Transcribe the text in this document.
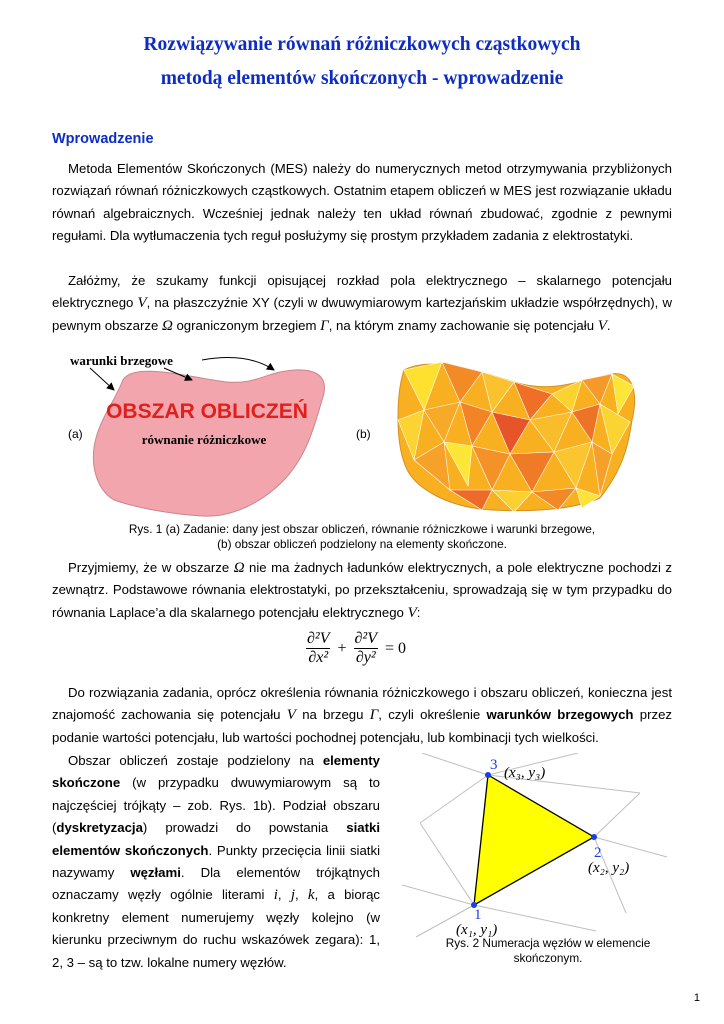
Rozwiązywanie równań różniczkowych cząstkowych
metodą elementów skończonych - wprowadzenie
Wprowadzenie

Metoda Elementów Skończonych (MES) należy do numerycznych metod otrzymywania przybliżonych rozwiązań równań różniczkowych cząstkowych. Ostatnim etapem obliczeń w MES jest rozwiązanie układu równań algebraicznych. Wcześniej jednak należy ten układ równań zbudować, zgodnie z pewnymi regułami. Dla wytłumaczenia tych reguł posłużymy się prostym przykładem zadania z elektrostatyki.

Załóżmy, że szukamy funkcji opisującej rozkład pola elektrycznego – skalarnego potencjału elektrycznego V, na płaszczyźnie XY (czyli w dwuwymiarowym kartezjańskim układzie współrzędnych), w pewnym obszarze Ω ograniczonym brzegiem Γ, na którym znamy zachowanie się potencjału V.

warunki brzegowe
OBSZAR OBLICZEŃ
równanie różniczkowe
(a)	(b)
Rys. 1 (a) Zadanie: dany jest obszar obliczeń, równanie różniczkowe i warunki brzegowe,
(b) obszar obliczeń podzielony na elementy skończone.

Przyjmiemy, że w obszarze Ω nie ma żadnych ładunków elektrycznych, a pole elektryczne pochodzi z zewnątrz. Podstawowe równania elektrostatyki, po przekształceniu, sprowadzają się w tym przypadku do równania Laplace’a dla skalarnego potencjału elektrycznego V:

$\frac{\text{∂²V}}{\text{∂x²}} + \frac{\text{∂²V}}{\text{∂y²}} = 0$

Do rozwiązania zadania, oprócz określenia równania różniczkowego i obszaru obliczeń, konieczna jest znajomość zachowania się potencjału V na brzegu Γ, czyli określenie warunków brzegowych przez podanie wartości potencjału, lub wartości pochodnej potencjału, lub kombinacji tych wielkości.

Obszar obliczeń zostaje podzielony na elementy skończone (w przypadku dwuwymiarowym są to najczęściej trójkąty – zob. Rys. 1b). Podział obszaru (dyskretyzacja) prowadzi do powstania siatki elementów skończonych. Punkty przecięcia linii siatki nazywamy węzłami. Dla elementów trójkątnych oznaczamy węzły ogólnie literami i, j, k, a biorąc konkretny element numerujemy węzły kolejno (w kierunku przeciwnym do ruchu wskazówek zegara): 1, 2, 3 – są to tzw. lokalne numery węzłów.

3 (x₃, y₃)
2
(x₂, y₂)
1
(x₁, y₁)
Rys. 2 Numeracja węzłów w elemencie
skończonym.
1
